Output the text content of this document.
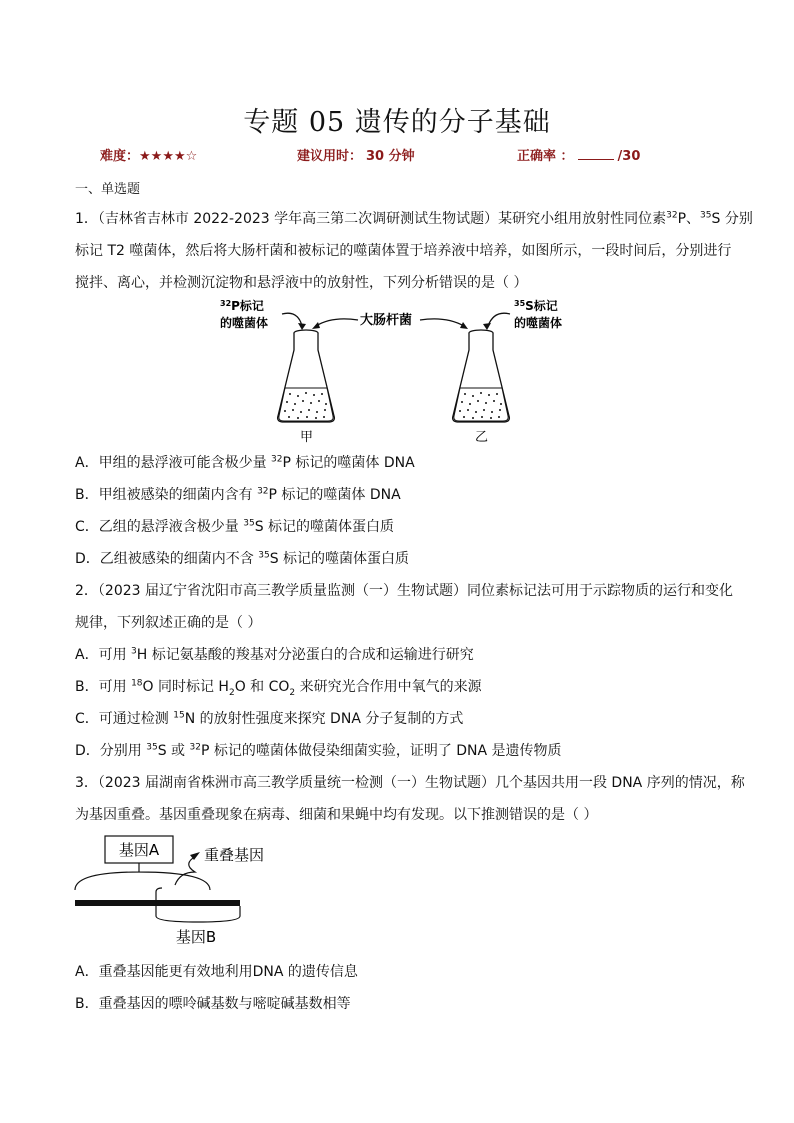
专题 05 遗传的分子基础
难度：★★★★☆	建议用时： 30 分钟	正确率 ：	/30
一、单选题
1．（吉林省吉林市 2022-2023 学年高三第二次调研测试生物试题）某研究小组用放射性同位素$^{32}$P、$^{35}$S 分别
标记 T2 噬菌体，然后将大肠杆菌和被标记的噬菌体置于培养液中培养，如图所示，一段时间后，分别进行
搅拌、离心，并检测沉淀物和悬浮液中的放射性，下列分析错误的是（ ）
$^{32}$P标记
的噬菌体	大肠杆菌
$^{35}$S标记
的噬菌体
甲	乙
A．甲组的悬浮液可能含极少量 $^{32}$P 标记的噬菌体 DNA
B．甲组被感染的细菌内含有 $^{32}$P 标记的噬菌体 DNA
C．乙组的悬浮液含极少量 $^{35}$S 标记的噬菌体蛋白质
D．乙组被感染的细菌内不含 $^{35}$S 标记的噬菌体蛋白质
2．（2023 届辽宁省沈阳市高三教学质量监测（一）生物试题）同位素标记法可用于示踪物质的运行和变化
规律，下列叙述正确的是（ ）
A．可用 $^3$H 标记氨基酸的羧基对分泌蛋白的合成和运输进行研究
B．可用 $^{18}$O 同时标记 $H_2O$ 和 $CO_2$ 来研究光合作用中氧气的来源
C．可通过检测 $^{15}$N 的放射性强度来探究 DNA 分子复制的方式
D．分别用 $^{35}$S 或 $^{32}$P 标记的噬菌体做侵染细菌实验，证明了 DNA 是遗传物质
3．（2023 届湖南省株洲市高三教学质量统一检测（一）生物试题）几个基因共用一段 DNA 序列的情况，称
为基因重叠。基因重叠现象在病毒、细菌和果蝇中均有发现。以下推测错误的是（ ）
基因A	重叠基因
基因B
A．重叠基因能更有效地利用DNA 的遗传信息
B．重叠基因的嘌呤碱基数与嘧啶碱基数相等
